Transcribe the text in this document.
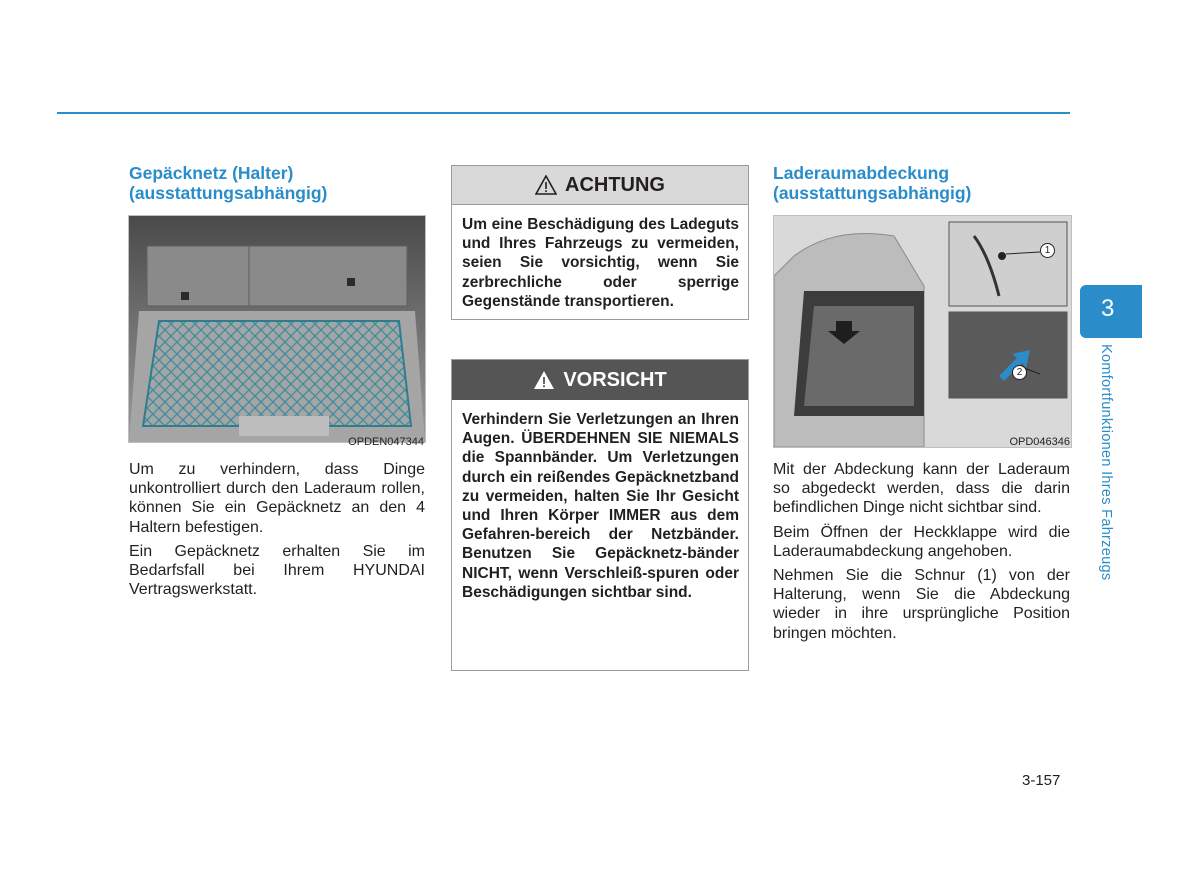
Gepäcknetz (Halter)

(ausstattungsabhängig)

OPDEN047344

Um zu verhindern, dass Dinge unkontrolliert durch den Laderaum rollen, können Sie ein Gepäcknetz an den 4 Haltern befestigen.

Ein Gepäcknetz erhalten Sie im Bedarfsfall bei Ihrem HYUNDAI Vertragswerkstatt.

ACHTUNG
Um eine Beschädigung des Ladeguts und Ihres Fahrzeugs zu vermeiden, seien Sie vorsichtig, wenn Sie zerbrechliche oder sperrige Gegenstände transportieren.
VORSICHT
Verhindern Sie Verletzungen an Ihren Augen. ÜBERDEHNEN SIE NIEMALS die Spannbänder. Um Verletzungen durch ein reißendes Gepäcknetzband zu vermeiden, halten Sie Ihr Gesicht und Ihren Körper IMMER aus dem Gefahren-bereich der Netzbänder. Benutzen Sie Gepäcknetz-bänder NICHT, wenn Verschleiß-spuren oder Beschädigungen sichtbar sind.

Laderaumabdeckung

(ausstattungsabhängig)

1
2
OPD046346

Mit der Abdeckung kann der Laderaum so abgedeckt werden, dass die darin befindlichen Dinge nicht sichtbar sind.

Beim Öffnen der Heckklappe wird die Laderaumabdeckung angehoben.

Nehmen Sie die Schnur (1) von der Halterung, wenn Sie die Abdeckung wieder in ihre ursprüngliche Position bringen möchten.

3
Komfortfunktionen Ihres Fahrzeugs
3-157
